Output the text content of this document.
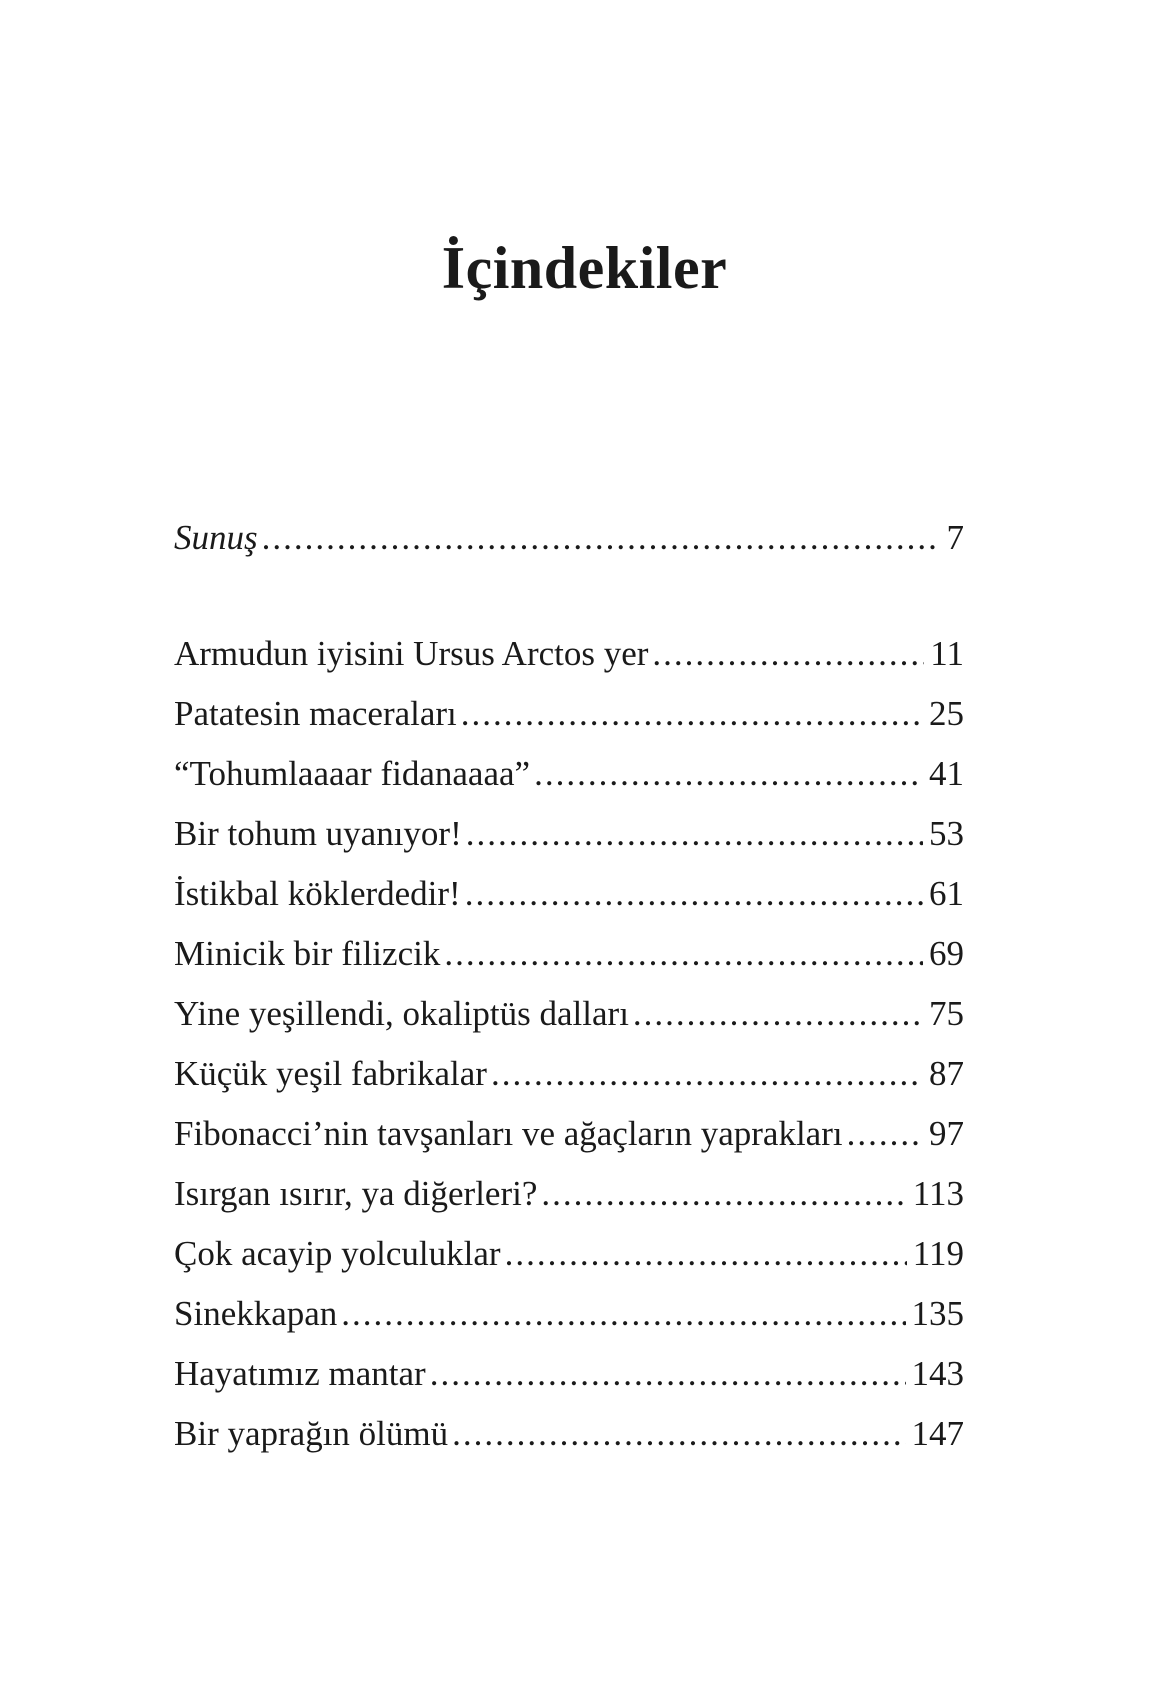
İçindekiler
Sunuş .....	7
Armudun iyisini Ursus Arctos yer .....	11
Patatesin maceraları .....	25
“Tohumlaaaar fidanaaaa” .....	41
Bir tohum uyanıyor! .....	53
İstikbal köklerdedir! .....	61
Minicik bir filizcik .....	69
Yine yeşillendi, okaliptüs dalları .....	75
Küçük yeşil fabrikalar .....	87
Fibonacci’nin tavşanları ve ağaçların yaprakları ..... 97
Isırgan ısırır, ya diğerleri? .....	113
Çok acayip yolculuklar .....	119
Sinekkapan .....	135
Hayatımız mantar .....	143
Bir yaprağın ölümü .....	147
